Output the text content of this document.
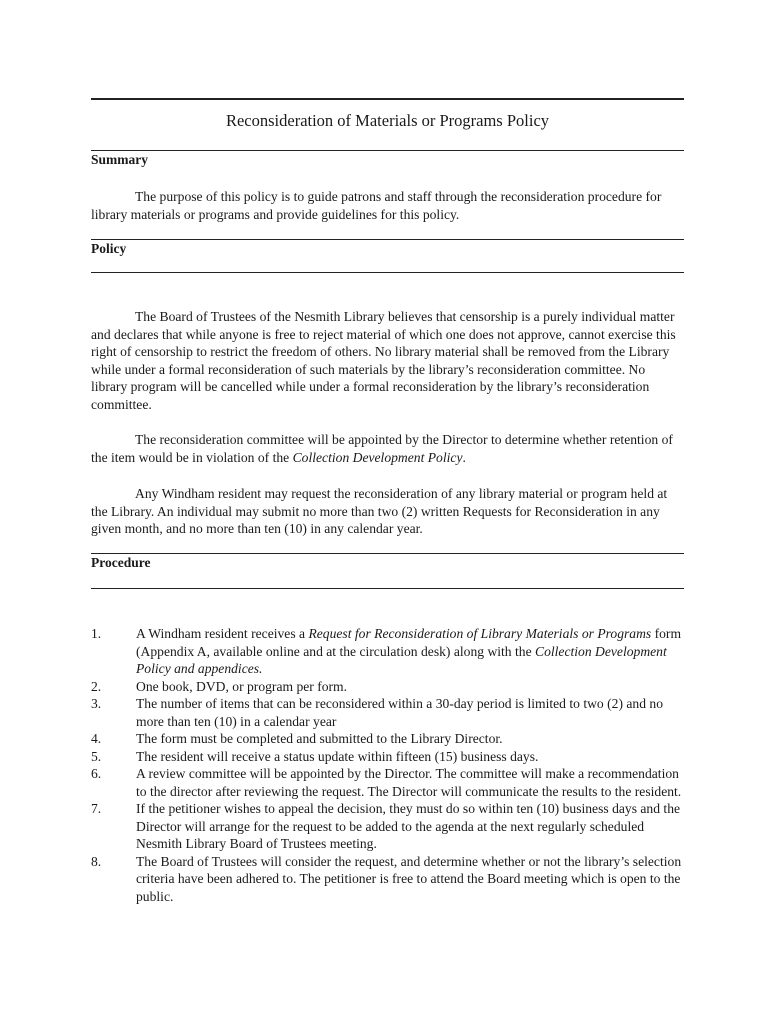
Reconsideration of Materials or Programs Policy
Summary

The purpose of this policy is to guide patrons and staff through the reconsideration procedure for library materials or programs and provide guidelines for this policy.

Policy

The Board of Trustees of the Nesmith Library believes that censorship is a purely individual matter and declares that while anyone is free to reject material of which one does not approve, cannot exercise this right of censorship to restrict the freedom of others. No library material shall be removed from the Library while under a formal reconsideration of such materials by the library’s reconsideration committee. No library program will be cancelled while under a formal reconsideration by the library’s reconsideration committee.

The reconsideration committee will be appointed by the Director to determine whether retention of the item would be in violation of the Collection Development Policy.

Any Windham resident may request the reconsideration of any library material or program held at the Library. An individual may submit no more than two (2) written Requests for Reconsideration in any given month, and no more than ten (10) in any calendar year.

Procedure
1.	A Windham resident receives a Request for Reconsideration of Library Materials or Programs form (Appendix A, available online and at the circulation desk) along with the Collection Development Policy and appendices.
2.	One book, DVD, or program per form.
3.	The number of items that can be reconsidered within a 30-day period is limited to two (2) and no more than ten (10) in a calendar year
4.	The form must be completed and submitted to the Library Director.
5.	The resident will receive a status update within fifteen (15) business days.
6.	A review committee will be appointed by the Director. The committee will make a recommendation to the director after reviewing the request. The Director will communicate the results to the resident.
7.	If the petitioner wishes to appeal the decision, they must do so within ten (10) business days and the Director will arrange for the request to be added to the agenda at the next regularly scheduled Nesmith Library Board of Trustees meeting.
8.	The Board of Trustees will consider the request, and determine whether or not the library’s selection criteria have been adhered to. The petitioner is free to attend the Board meeting which is open to the public.
